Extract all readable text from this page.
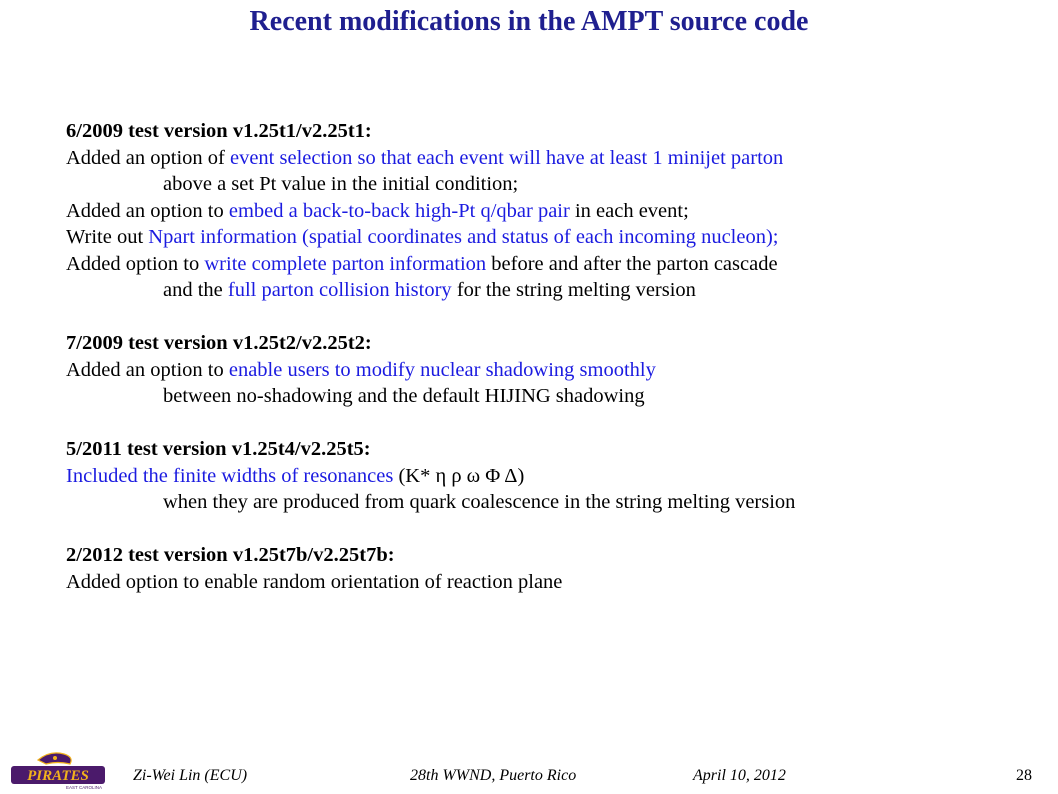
Recent modifications in the AMPT source code
6/2009 test version v1.25t1/v2.25t1:
Added an option of event selection so that each event will have at least 1 minijet parton
above a set Pt value in the initial condition;
Added an option to embed a back-to-back high-Pt q/qbar pair in each event;
Write out Npart information (spatial coordinates and status of each incoming nucleon);
Added option to write complete parton information before and after the parton cascade
and the full parton collision history for the string melting version
7/2009 test version v1.25t2/v2.25t2:
Added an option to enable users to modify nuclear shadowing smoothly
between no-shadowing and the default HIJING shadowing
5/2011 test version v1.25t4/v2.25t5:
Included the finite widths of resonances (K* η ρ ω Φ Δ)
when they are produced from quark coalescence in the string melting version
2/2012 test version v1.25t7b/v2.25t7b:
Added option to enable random orientation of reaction plane
PIRATES
EAST CAROLINA
Zi-Wei Lin (ECU)	28th WWND, Puerto Rico	April 10, 2012	28
